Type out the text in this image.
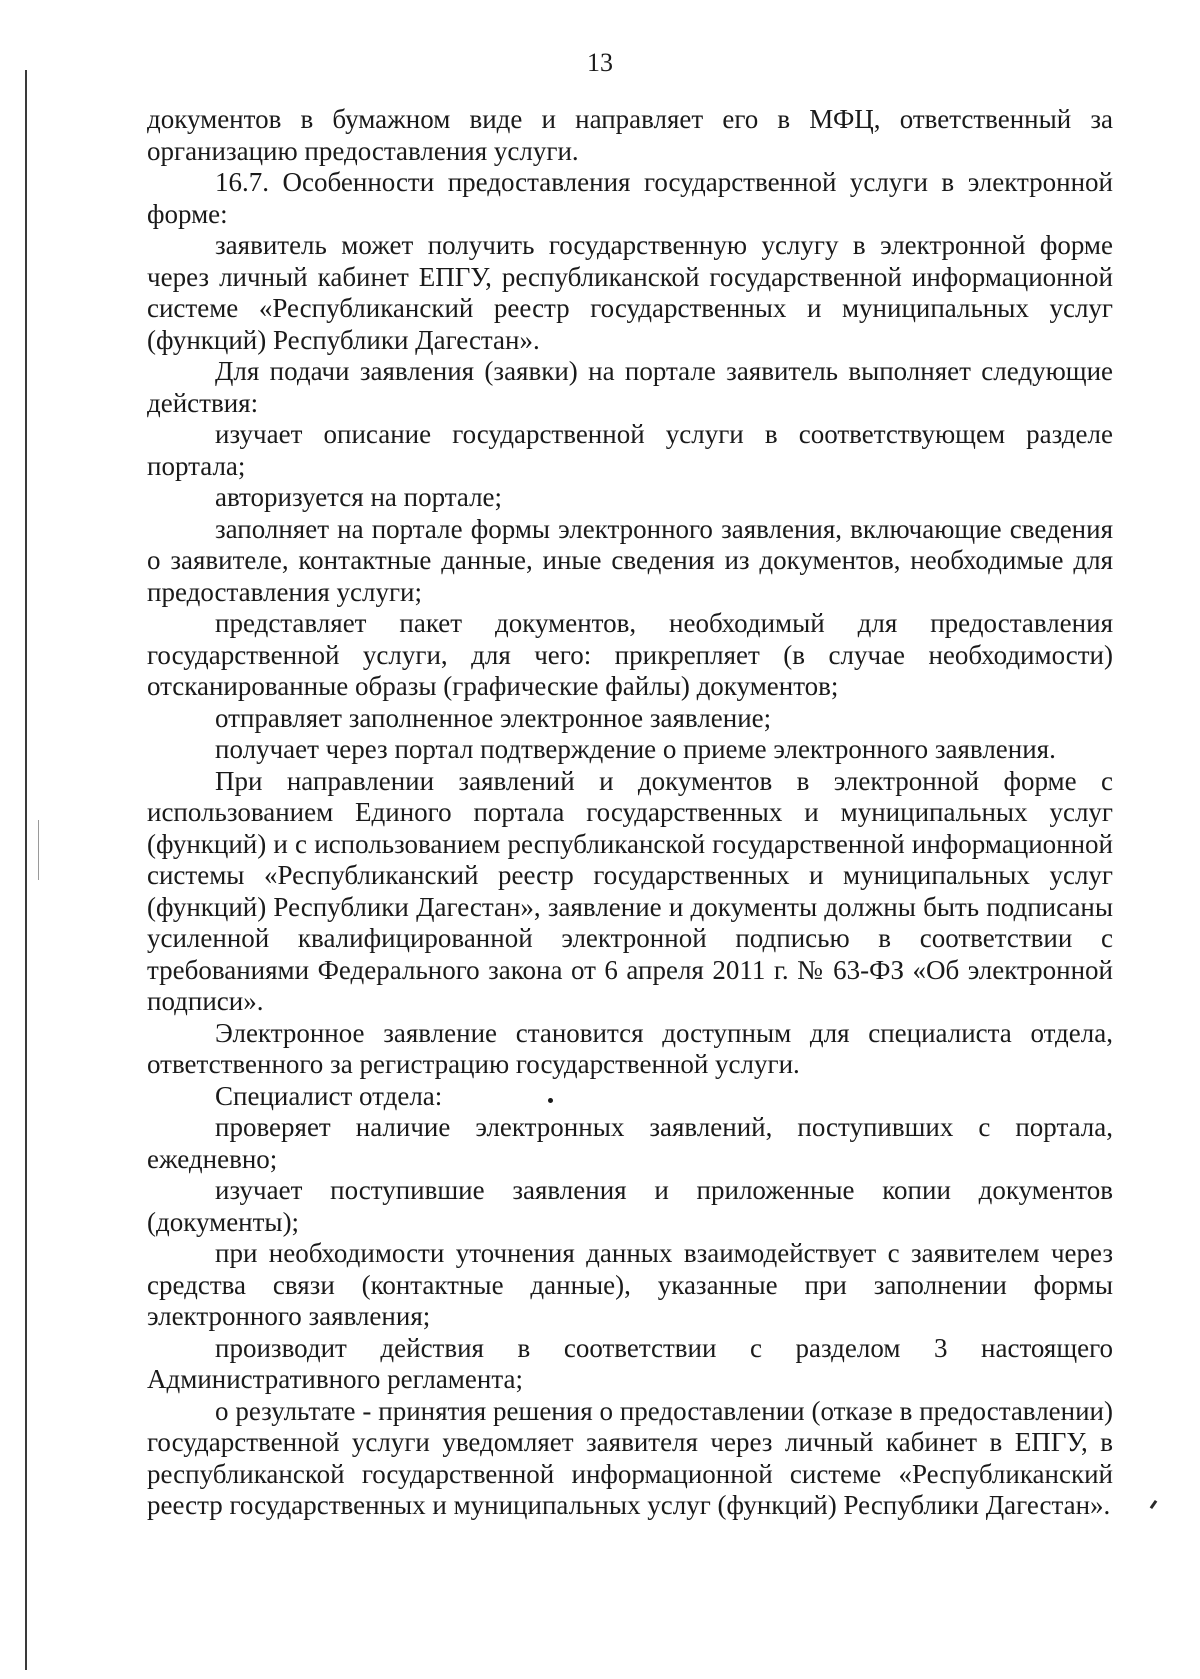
13

документов в бумажном виде и направляет его в МФЦ, ответственный за организацию предоставления услуги.

16.7. Особенности предоставления государственной услуги в электронной форме:

заявитель может получить государственную услугу в электронной форме через личный кабинет ЕПГУ, республиканской государственной информационной системе «Республиканский реестр государственных и муниципальных услуг (функций) Республики Дагестан».

Для подачи заявления (заявки) на портале заявитель выполняет следующие действия:

изучает описание государственной услуги в соответствующем разделе портала;

авторизуется на портале;

заполняет на портале формы электронного заявления, включающие сведения о заявителе, контактные данные, иные сведения из документов, необходимые для предоставления услуги;

представляет пакет документов, необходимый для предоставления государственной услуги, для чего: прикрепляет (в случае необходимости) отсканированные образы (графические файлы) документов;

отправляет заполненное электронное заявление;

получает через портал подтверждение о приеме электронного заявления.

При направлении заявлений и документов в электронной форме с использованием Единого портала государственных и муниципальных услуг (функций) и с использованием республиканской государственной информационной системы «Республиканский реестр государственных и муниципальных услуг (функций) Республики Дагестан», заявление и документы должны быть подписаны усиленной квалифицированной электронной подписью в соответствии с требованиями Федерального закона от 6 апреля 2011 г. № 63-ФЗ «Об электронной подписи».

Электронное заявление становится доступным для специалиста отдела, ответственного за регистрацию государственной услуги.

Специалист отдела:

проверяет наличие электронных заявлений, поступивших с портала, ежедневно;

изучает поступившие заявления и приложенные копии документов (документы);

при необходимости уточнения данных взаимодействует с заявителем через средства связи (контактные данные), указанные при заполнении формы электронного заявления;

производит действия в соответствии с разделом 3 настоящего Административного регламента;

о результате - принятия решения о предоставлении (отказе в предоставлении) государственной услуги уведомляет заявителя через личный кабинет в ЕПГУ, в республиканской государственной информационной системе «Республиканский реестр государственных и муниципальных услуг (функций) Республики Дагестан».
